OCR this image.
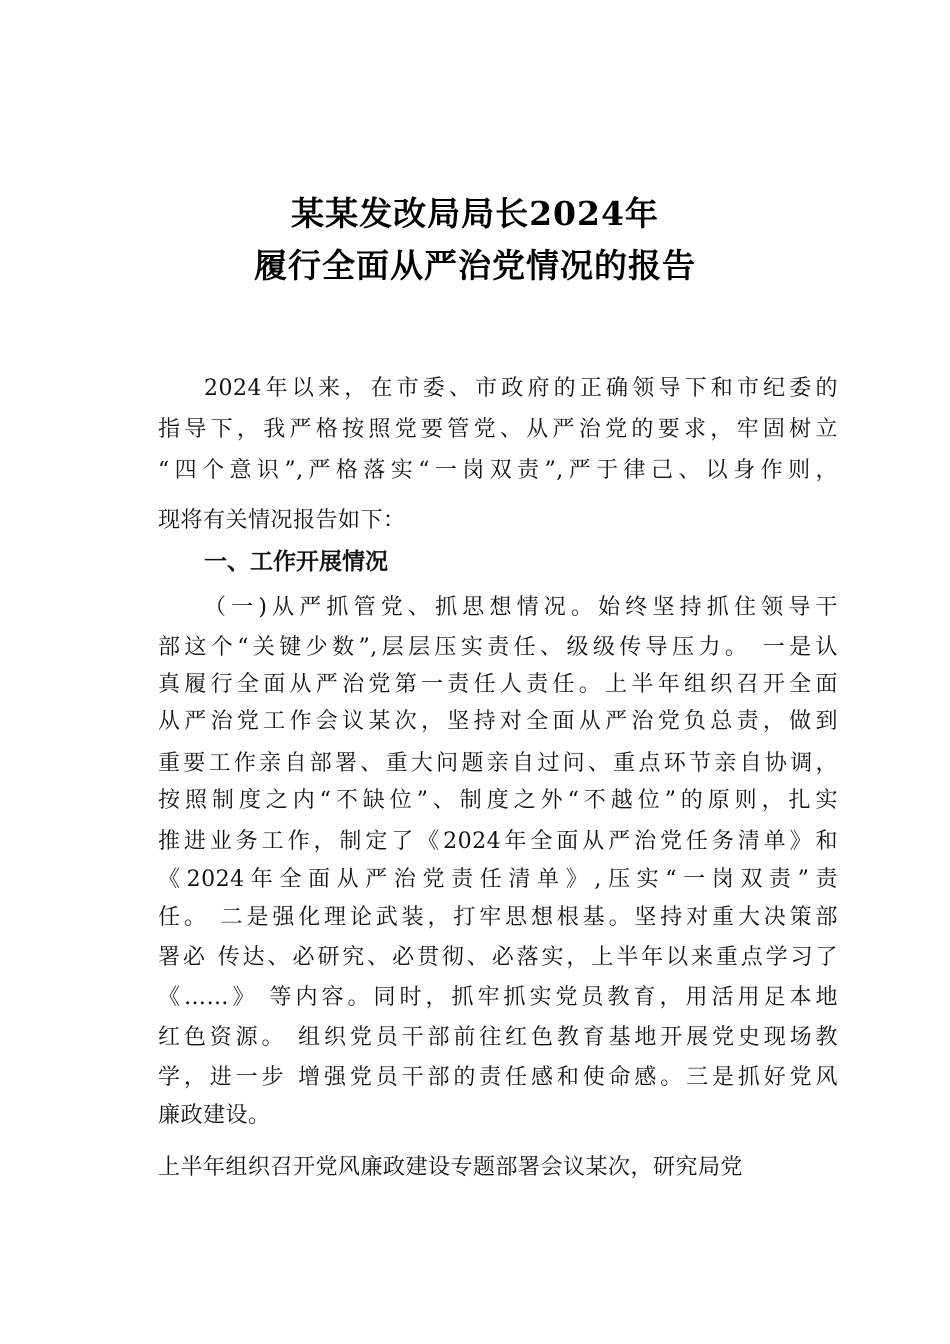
某某发改局局长2024年
履行全面从严治党情况的报告
2024年以来，在市委、市政府的正确领导下和市纪委的
指导下，我严格按照党要管党、从严治党的要求，牢固树立
“四个意识”,严格落实“一岗双责”,严于律己、以身作则，
现将有关情况报告如下：
一、工作开展情况
（一)从严抓管党、抓思想情况。始终坚持抓住领导干
部这个“关键少数”,层层压实责任、级级传导压力。 一是认
真履行全面从严治党第一责任人责任。上半年组织召开全面
从严治党工作会议某次，坚持对全面从严治党负总责，做到
重要工作亲自部署、重大问题亲自过问、重点环节亲自协调，
按照制度之内“不缺位”、制度之外“不越位”的原则，扎实
推进业务工作，制定了《2024年全面从严治党任务清单》和
《2024年全面从严治党责任清单》,压实“一岗双责”责
任。 二是强化理论武装，打牢思想根基。坚持对重大决策部
署必 传达、必研究、必贯彻、必落实，上半年以来重点学习了
《……》 等内容。同时，抓牢抓实党员教育，用活用足本地
红色资源。 组织党员干部前往红色教育基地开展党史现场教
学，进一步 增强党员干部的责任感和使命感。三是抓好党风
廉政建设。
上半年组织召开党风廉政建设专题部署会议某次，研究局党
